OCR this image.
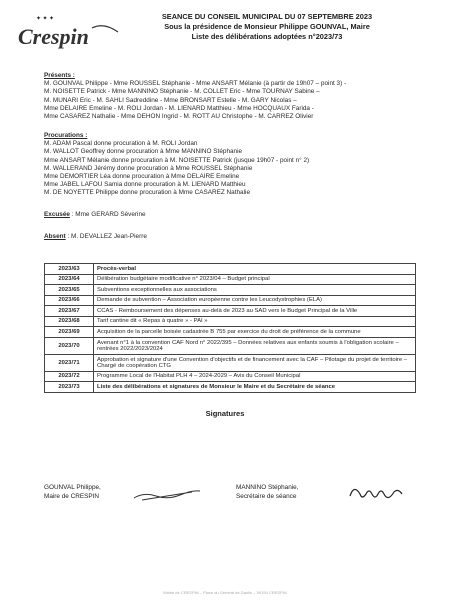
✦ ✦ ✦
Crespin
SEANCE DU CONSEIL MUNICIPAL DU 07 SEPTEMBRE 2023
Sous la présidence de Monsieur Philippe GOUNVAL, Maire
Liste des délibérations adoptées n°2023/73
Présents :
M. GOUNVAL Philippe - Mme ROUSSEL Stéphanie - Mme ANSART Mélanie (à partir de 19h07 – point 3) -
M. NOISETTE Patrick - Mme MANNINO Stéphanie - M. COLLET Eric - Mme TOURNAY Sabine –
M. MUNARI Eric - M. SAHLI Sadreddine - Mme BRONSART Estelle - M. GARY Nicolas –
Mme DELAIRE Emeline - M. ROLI Jordan - M. LIENARD Matthieu - Mme HOCQUAUX Farida -
Mme CASAREZ Nathalie - Mme DEHON Ingrid - M. ROTT AU Christophe - M. CARREZ Olivier
Procurations :
M. ADAM Pascal donne procuration à M. ROLI Jordan
M. WALLOT Geoffrey donne procuration à Mme MANNINO Stéphanie
Mme ANSART Mélanie donne procuration à M. NOISETTE Patrick (jusque 19h07 - point n° 2)
M. WALLERAND Jérémy donne procuration à Mme ROUSSEL Stéphanie
Mme DEMORTIER Léa donne procuration à Mme DELAIRE Emeline
Mme JABEL LAFOU Samia donne procuration à M. LIENARD Matthieu
M. DE NOYETTE Philippe donne procuration à Mme CASAREZ Nathalie
Excusée : Mme GERARD Séverine
Absent : M. DEVALLEZ Jean-Pierre
2023/63	Procès-verbal
2023/64	Délibération budgétaire modificative n° 2023/04 – Budget principal
2023/65	Subventions exceptionnelles aux associations
2023/66	Demande de subvention – Association européenne contre les Leucodystrophies (ELA)
2023/67	CCAS - Remboursement des dépenses au-delà de 2023 au SAD vers le Budget Principal de la Ville
2023/68	Tarif cantine dit « Repas à quatre » - PAI »
2023/69	Acquisition de la parcelle boisée cadastrée B 755 par exercice du droit de préférence de la commune
2023/70	Avenant n°1 à la convention CAF Nord n° 2022/395 – Données relatives aux enfants soumis à l'obligation scolaire – rentrées 2022/2023/2024
2023/71	Approbation et signature d'une Convention d'objectifs et de financement avec la CAF – Pilotage du projet de territoire – Chargé de coopération CTG
2023/72	Programme Local de l'Habitat PLH 4 – 2024-2029 – Avis du Conseil Municipal
2023/73	Liste des délibérations et signatures de Monsieur le Maire et du Secrétaire de séance
Signatures
GOUNVAL Philippe,
Maire de CRESPIN
MANNINO Stéphanie,
Secrétaire de séance
Mairie de CRESPIN – Place du Général de Gaulle – 59154 CRESPIN
